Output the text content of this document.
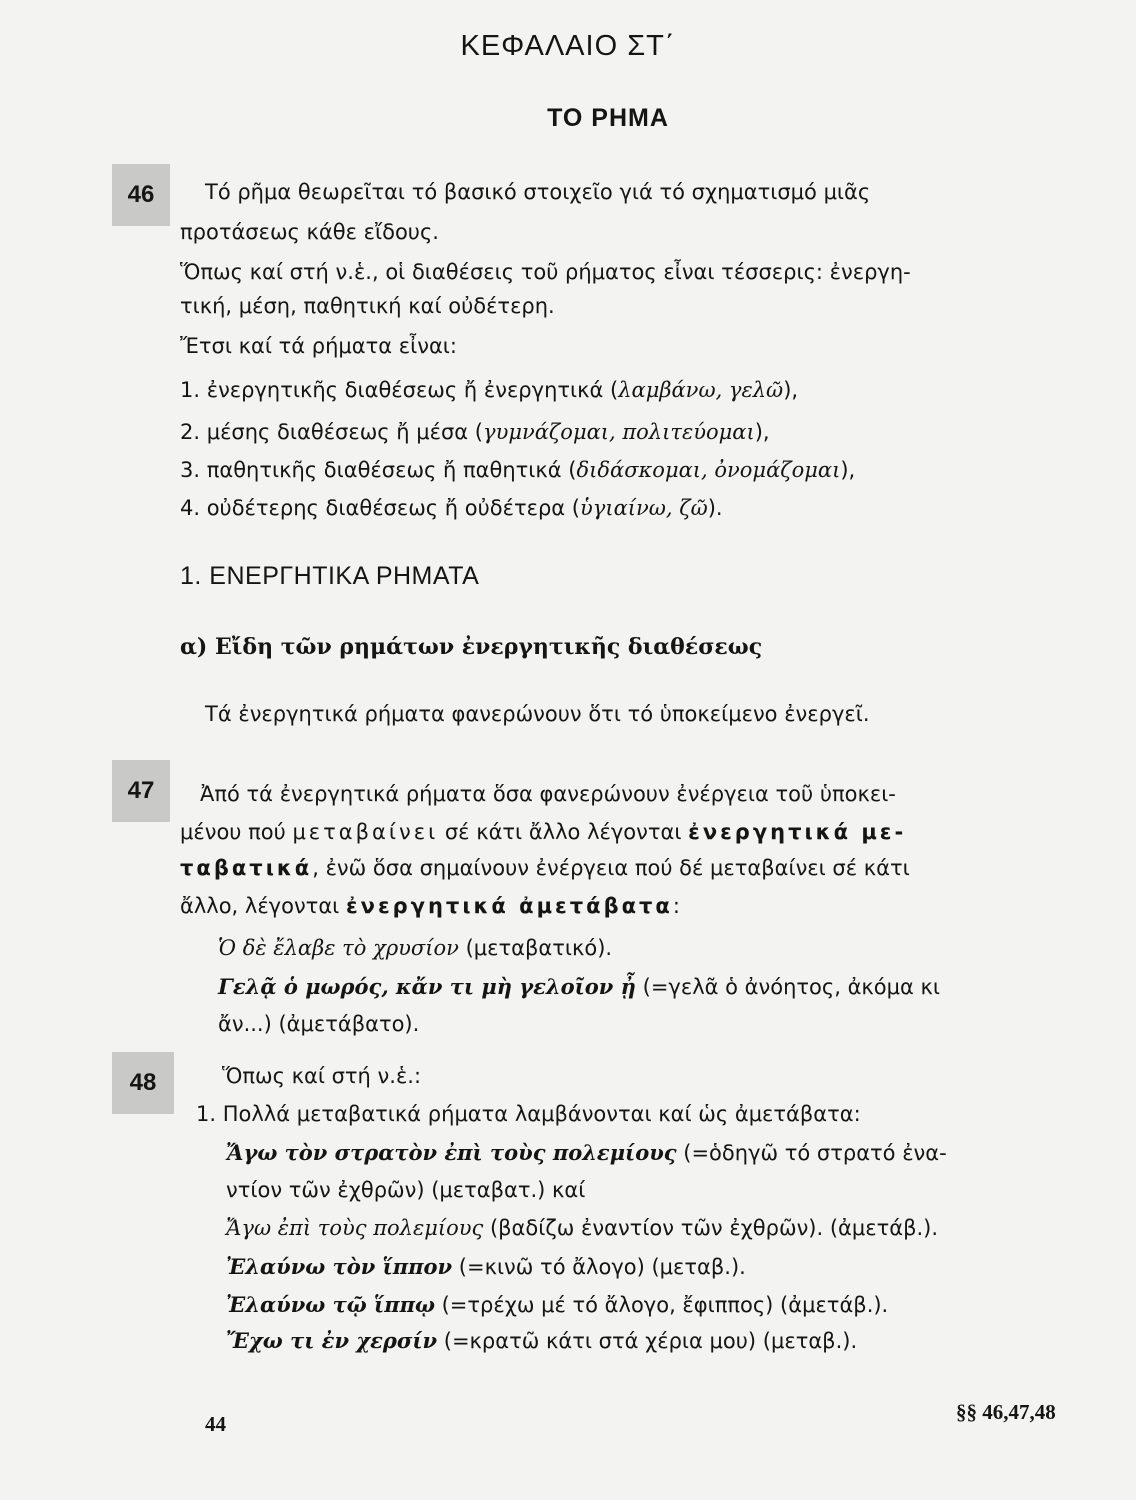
ΚΕΦΑΛΑΙΟ ΣΤ΄
ΤΟ ΡΗΜΑ
46	Τό ρῆμα θεωρεῖται τό βασικό στοιχεῖο γιά τό σχηματισμό μιᾶς
προτάσεως κάθε εἴδους.
Ὅπως καί στή ν.ἑ., οἱ διαθέσεις τοῦ ρήματος εἶναι τέσσερις: ἐνεργη-
τική, μέση, παθητική καί οὐδέτερη.
Ἔτσι καί τά ρήματα εἶναι:
1. ἐνεργητικῆς διαθέσεως ἤ ἐνεργητικά (λαμβάνω, γελῶ),
2. μέσης διαθέσεως ἤ μέσα (γυμνάζομαι, πολιτεύομαι),
3. παθητικῆς διαθέσεως ἤ παθητικά (διδάσκομαι, ὀνομάζομαι),
4. οὐδέτερης διαθέσεως ἤ οὐδέτερα (ὑγιαίνω, ζῶ).
1. ΕΝΕΡΓΗΤΙΚΑ ΡΗΜΑΤΑ
α) Εἴδη τῶν ρημάτων ἐνεργητικῆς διαθέσεως
Τά ἐνεργητικά ρήματα φανερώνουν ὅτι τό ὑποκείμενο ἐνεργεῖ.
47	Ἀπό τά ἐνεργητικά ρήματα ὅσα φανερώνουν ἐνέργεια τοῦ ὑποκει-
μένου πού μεταβαίνει σέ κάτι ἄλλο λέγονται ἐνεργητικά με-
ταβατικά, ἐνῶ ὅσα σημαίνουν ἐνέργεια πού δέ μεταβαίνει σέ κάτι
ἄλλο, λέγονται ἐνεργητικά ἀμετάβατα:
Ὁ δὲ ἔλαβε τὸ χρυσίον (μεταβατικό).
Γελᾷ ὁ μωρός, κἄν τι μὴ γελοῖον ᾖ (=γελᾶ ὁ ἀνόητος, ἀκόμα κι
ἄν...) (ἀμετάβατο).
48	Ὅπως καί στή ν.ἑ.:
1. Πολλά μεταβατικά ρήματα λαμβάνονται καί ὡς ἀμετάβατα:
Ἄγω τὸν στρατὸν ἐπὶ τοὺς πολεμίους (=ὁδηγῶ τό στρατό ἐνα-
ντίον τῶν ἐχθρῶν) (μεταβατ.) καί
Ἄγω ἐπὶ τοὺς πολεμίους (βαδίζω ἐναντίον τῶν ἐχθρῶν). (ἀμετάβ.).
Ἐλαύνω τὸν ἵππον (=κινῶ τό ἄλογο) (μεταβ.).
Ἐλαύνω τῷ ἵππῳ (=τρέχω μέ τό ἄλογο, ἔφιππος) (ἀμετάβ.).
Ἔχω τι ἐν χερσίν (=κρατῶ κάτι στά χέρια μου) (μεταβ.).
44	§§ 46,47,48
